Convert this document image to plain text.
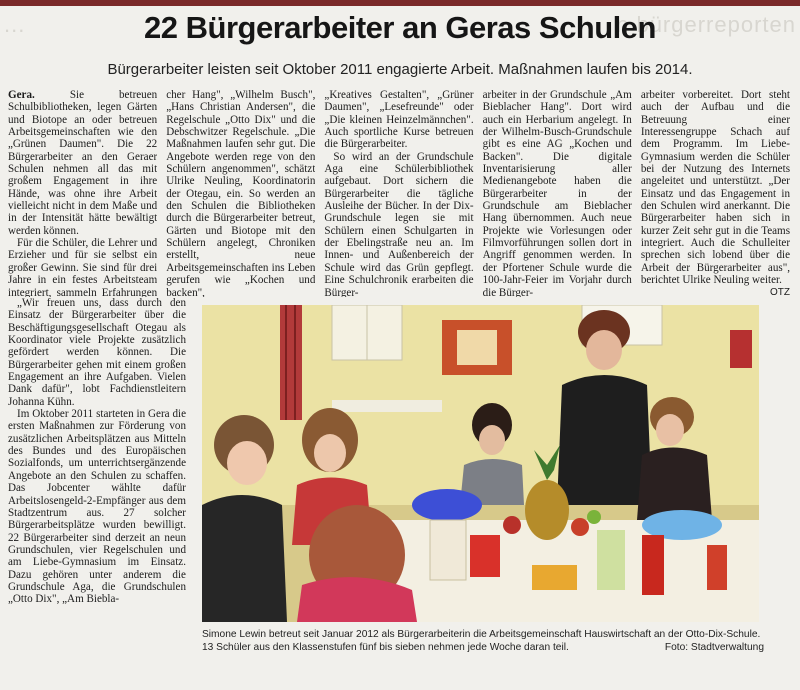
...	n bürgerreporten
22 Bürgerarbeiter an Geras Schulen
Bürgerarbeiter leisten seit Oktober 2011 engagierte Arbeit. Maßnahmen laufen bis 2014.

Gera.	Sie betreuen Schulbibliotheken, legen Gärten und Biotope an oder betreuen Arbeitsgemeinschaften wie den „Grünen Daumen". Die 22 Bürgerarbeiter an den Geraer Schulen nehmen all das mit großem Engagement in ihre Hände, was ohne ihre Arbeit vielleicht nicht in dem Maße und in der Intensität hätte bewältigt werden können.

Für die Schüler, die Lehrer und Erzieher und für sie selbst ein großer Gewinn. Sie sind für drei Jahre in ein festes Arbeitsteam integriert, sammeln Erfahrungen

cher Hang", „Wilhelm Busch", „Hans Christian Andersen", die Regelschule „Otto Dix" und die Debschwitzer Regelschule. „Die Maßnahmen laufen sehr gut. Die Angebote werden rege von den Schülern angenommen", schätzt Ulrike Neuling, Koordinatorin der Otegau, ein. So werden an den Schulen die Bibliotheken durch die Bürgerarbeiter betreut, Gärten und Biotope mit den Schülern angelegt, Chroniken erstellt, neue Arbeitsgemeinschaften ins Leben gerufen wie „Kochen und backen",

„Kreatives Gestalten", „Grüner Daumen", „Lesefreunde" oder „Die kleinen Heinzelmännchen". Auch sportliche Kurse betreuen die Bürgerarbeiter.

So wird an der Grundschule Aga eine Schülerbibliothek aufgebaut. Dort sichern die Bürgerarbeiter die tägliche Ausleihe der Bücher. In der Dix-Grundschule legen sie mit Schülern einen Schulgarten in der Ebelingstraße neu an. Im Innen- und Außenbereich der Schule wird das Grün gepflegt. Eine Schulchronik erarbeiten die Bürger-

arbeiter in der Grundschule „Am Bieblacher Hang". Dort wird auch ein Herbarium angelegt. In der Wilhelm-Busch-Grundschule gibt es eine AG „Kochen und Backen". Die digitale Inventarisierung aller Medienangebote haben die Bürgerarbeiter in der Grundschule am Bieblacher Hang übernommen. Auch neue Projekte wie Vorlesungen oder Filmvorführungen sollen dort in Angriff genommen werden. In der Pfortener Schule wurde die 100-Jahr-Feier im Vorjahr durch die Bürger-

arbeiter vorbereitet. Dort steht auch der Aufbau und die Betreuung einer Interessengruppe Schach auf dem Programm. Im Liebe-Gymnasium werden die Schüler bei der Nutzung des Internets angeleitet und unterstützt. „Der Einsatz und das Engagement in den Schulen wird anerkannt. Die Bürgerarbeiter haben sich in kurzer Zeit sehr gut in die Teams integriert. Auch die Schulleiter sprechen sich lobend über die Arbeit der Bürgerarbeiter aus", berichtet Ulrike Neuling weiter.

OTZ

„Wir freuen uns, dass durch den Einsatz der Bürgerarbeiter über die Beschäftigungsgesellschaft Otegau als Koordinator viele Projekte zusätzlich gefördert werden können. Die Bürgerarbeiter gehen mit einem großen Engagement an ihre Aufgaben. Vielen Dank dafür", lobt Fachdienstleitern Johanna Kühn.

Im Oktober 2011 starteten in Gera die ersten Maßnahmen zur Förderung von zusätzlichen Arbeitsplätzen aus Mitteln des Bundes und des Europäischen Sozialfonds, um unterrichtsergänzende Angebote an den Schulen zu schaffen. Das Jobcenter wählte dafür Arbeitslosengeld-2-Empfänger aus dem Stadtzentrum aus. 27 solcher Bürgerarbeitsplätze wurden bewilligt. 22 Bürgerarbeiter sind derzeit an neun Grundschulen, vier Regelschulen und am Liebe-Gymnasium im Einsatz. Dazu gehören unter anderem die Grundschule Aga, die Grundschulen „Otto Dix", „Am Biebla-

Simone Lewin betreut seit Januar 2012 als Bürgerarbeiterin die Arbeitsgemeinschaft Hauswirtschaft an der Otto-Dix-Schule.
Foto: Stadtverwaltung
13 Schüler aus den Klassenstufen fünf bis sieben nehmen jede Woche daran teil.
